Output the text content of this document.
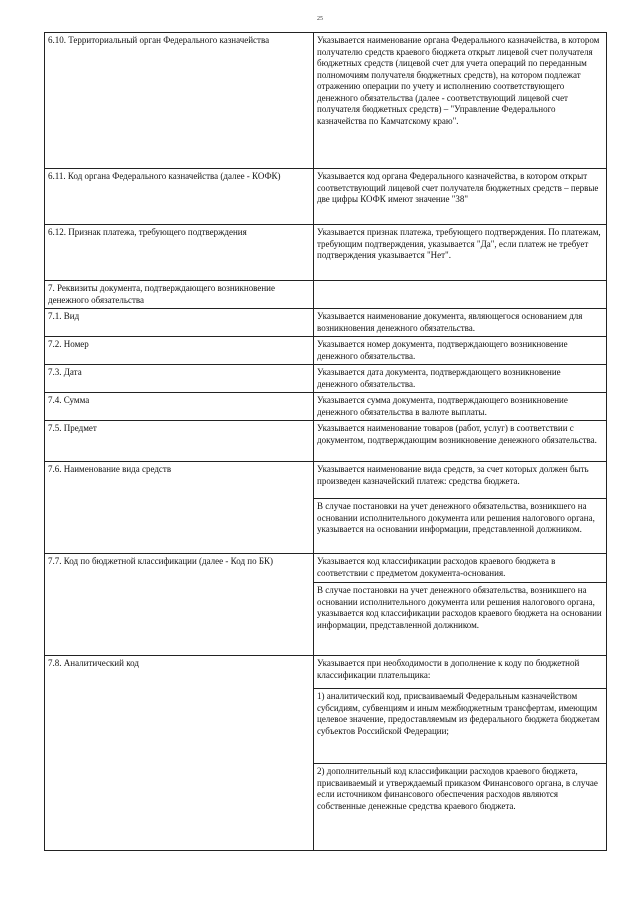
25
6.10. Территориальный орган Федерального казначейства	Указывается наименование органа Федерального казначейства, в котором получателю средств краевого бюджета открыт лицевой счет получателя бюджетных средств (лицевой счет для учета операций по переданным полномочиям получателя бюджетных средств), на котором подлежат отражению операции по учету и исполнению соответствующего денежного обязательства (далее - соответствующий лицевой счет получателя бюджетных средств) – "Управление Федерального казначейства по Камчатскому краю".
6.11. Код органа Федерального казначейства (далее - КОФК)	Указывается код органа Федерального казначейства, в котором открыт соответствующий лицевой счет получателя бюджетных средств – первые две цифры КОФК имеют значение "38"
6.12. Признак платежа, требующего подтверждения	Указывается признак платежа, требующего подтверждения. По платежам, требующим подтверждения, указывается "Да", если платеж не требует подтверждения указывается "Нет".
7. Реквизиты документа, подтверждающего возникновение денежного обязательства	
7.1. Вид	Указывается наименование документа, являющегося основанием для возникновения денежного обязательства.
7.2. Номер	Указывается номер документа, подтверждающего возникновение денежного обязательства.
7.3. Дата	Указывается дата документа, подтверждающего возникновение денежного обязательства.
7.4. Сумма	Указывается сумма документа, подтверждающего возникновение денежного обязательства в валюте выплаты.
7.5. Предмет	Указывается наименование товаров (работ, услуг) в соответствии с документом, подтверждающим возникновение денежного обязательства.
7.6. Наименование вида средств	Указывается наименование вида средств, за счет которых должен быть произведен казначейский платеж: средства бюджета.
	В случае постановки на учет денежного обязательства, возникшего на основании исполнительного документа или решения налогового органа, указывается на основании информации, представленной должником.
7.7. Код по бюджетной классификации (далее - Код по БК)	Указывается код классификации расходов краевого бюджета в соответствии с предметом документа-основания.
	В случае постановки на учет денежного обязательства, возникшего на основании исполнительного документа или решения налогового органа, указывается код классификации расходов краевого бюджета на основании информации, представленной должником.
7.8. Аналитический код	Указывается при необходимости в дополнение к коду по бюджетной классификации плательщика:
	1) аналитический код, присваиваемый Федеральным казначейством субсидиям, субвенциям и иным межбюджетным трансфертам, имеющим целевое значение, предоставляемым из федерального бюджета бюджетам субъектов Российской Федерации;
	2) дополнительный код классификации расходов краевого бюджета, присваиваемый и утверждаемый приказом Финансового органа, в случае если источником финансового обеспечения расходов являются собственные денежные средства краевого бюджета.
